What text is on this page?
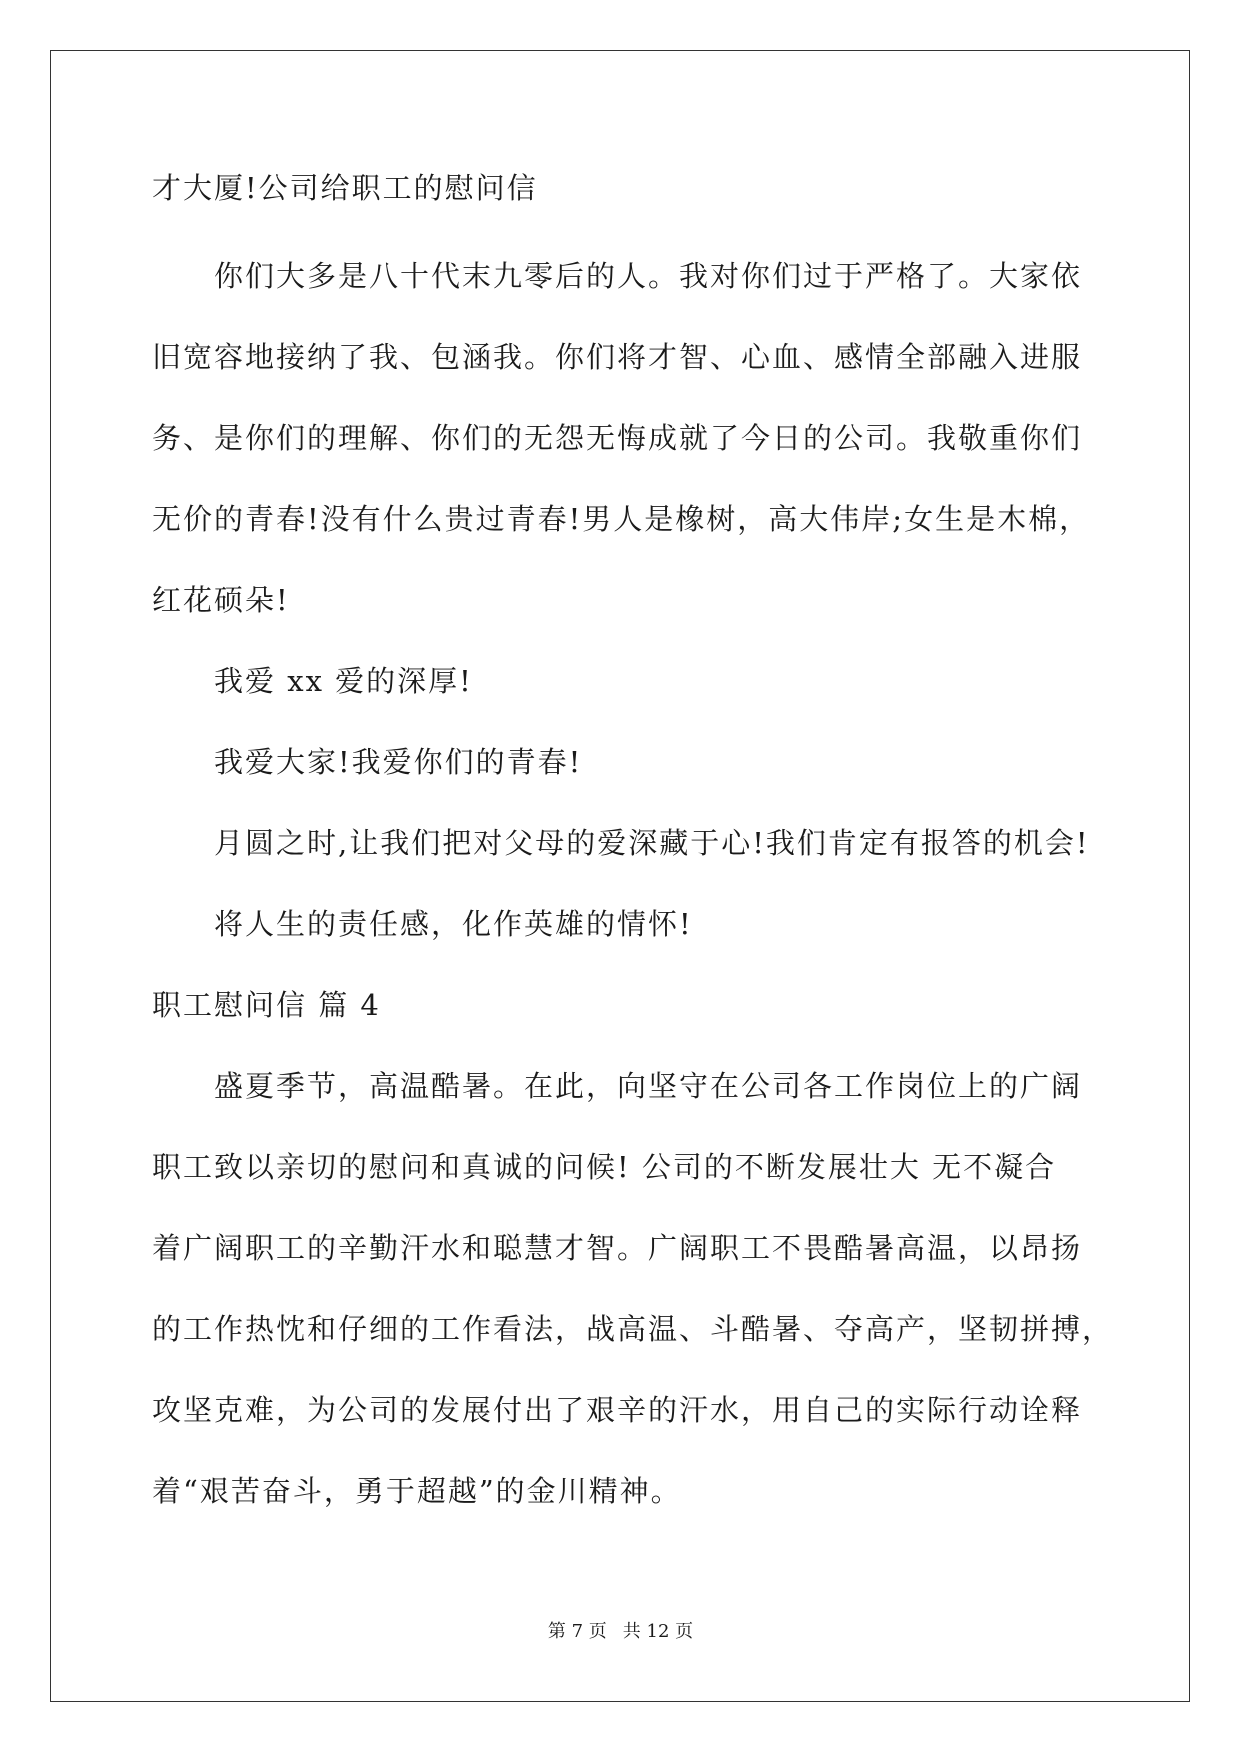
才大厦!公司给职工的慰问信
你们大多是八十代末九零后的人。我对你们过于严格了。大家依
旧宽容地接纳了我、包涵我。你们将才智、心血、感情全部融入进服
务、是你们的理解、你们的无怨无悔成就了今日的公司。我敬重你们
无价的青春!没有什么贵过青春!男人是橡树，高大伟岸;女生是木棉，
红花硕朵!
我爱 xx 爱的深厚!
我爱大家!我爱你们的青春!
月圆之时,让我们把对父母的爱深藏于心!我们肯定有报答的机会!
将人生的责任感，化作英雄的情怀!
职工慰问信 篇 4
盛夏季节，高温酷暑。在此，向坚守在公司各工作岗位上的广阔
职工致以亲切的慰问和真诚的问候! 公司的不断发展壮大 无不凝合
着广阔职工的辛勤汗水和聪慧才智。广阔职工不畏酷暑高温，以昂扬
的工作热忱和仔细的工作看法，战高温、斗酷暑、夺高产，坚韧拼搏，
攻坚克难，为公司的发展付出了艰辛的汗水，用自己的实际行动诠释
着“艰苦奋斗，勇于超越”的金川精神。
第 7 页 共 12 页
